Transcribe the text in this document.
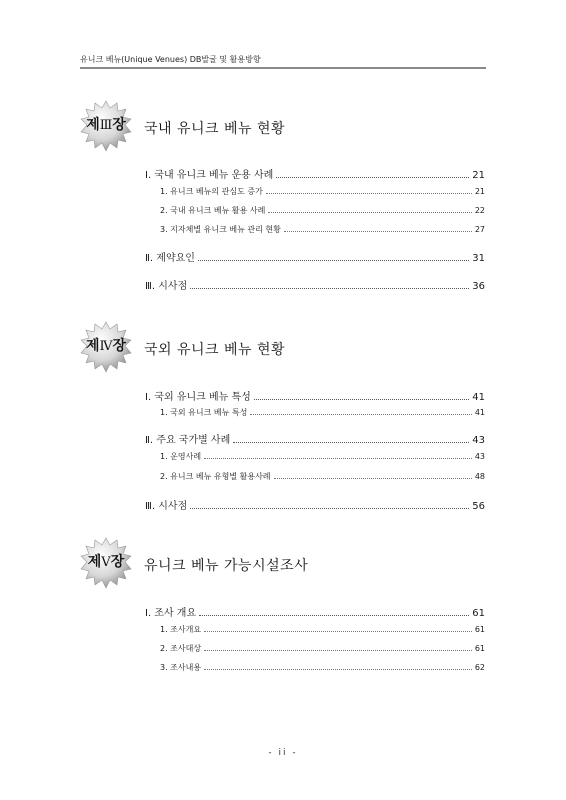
유니크 베뉴(Unique Venues) DB발굴 및 활용방향
제Ⅲ장	국내 유니크 베뉴 현황
Ⅰ. 국내 유니크 베뉴 운용 사례	21
1. 유니크 베뉴의 관심도 증가	21
2. 국내 유니크 베뉴 활용 사례	22
3. 지자체별 유니크 베뉴 관리 현황	27
Ⅱ. 제약요인	31
Ⅲ. 시사점	36
제Ⅳ장	국외 유니크 베뉴 현황
Ⅰ. 국외 유니크 베뉴 특성	41
1. 국외 유니크 베뉴 특성	41
Ⅱ. 주요 국가별 사례	43
1. 운영사례	43
2. 유니크 베뉴 유형별 활용사례	48
Ⅲ. 시사점	56
제Ⅴ장	유니크 베뉴 가능시설조사
Ⅰ. 조사 개요	61
1. 조사개요	61
2. 조사대상	61
3. 조사내용	62
- ii -
